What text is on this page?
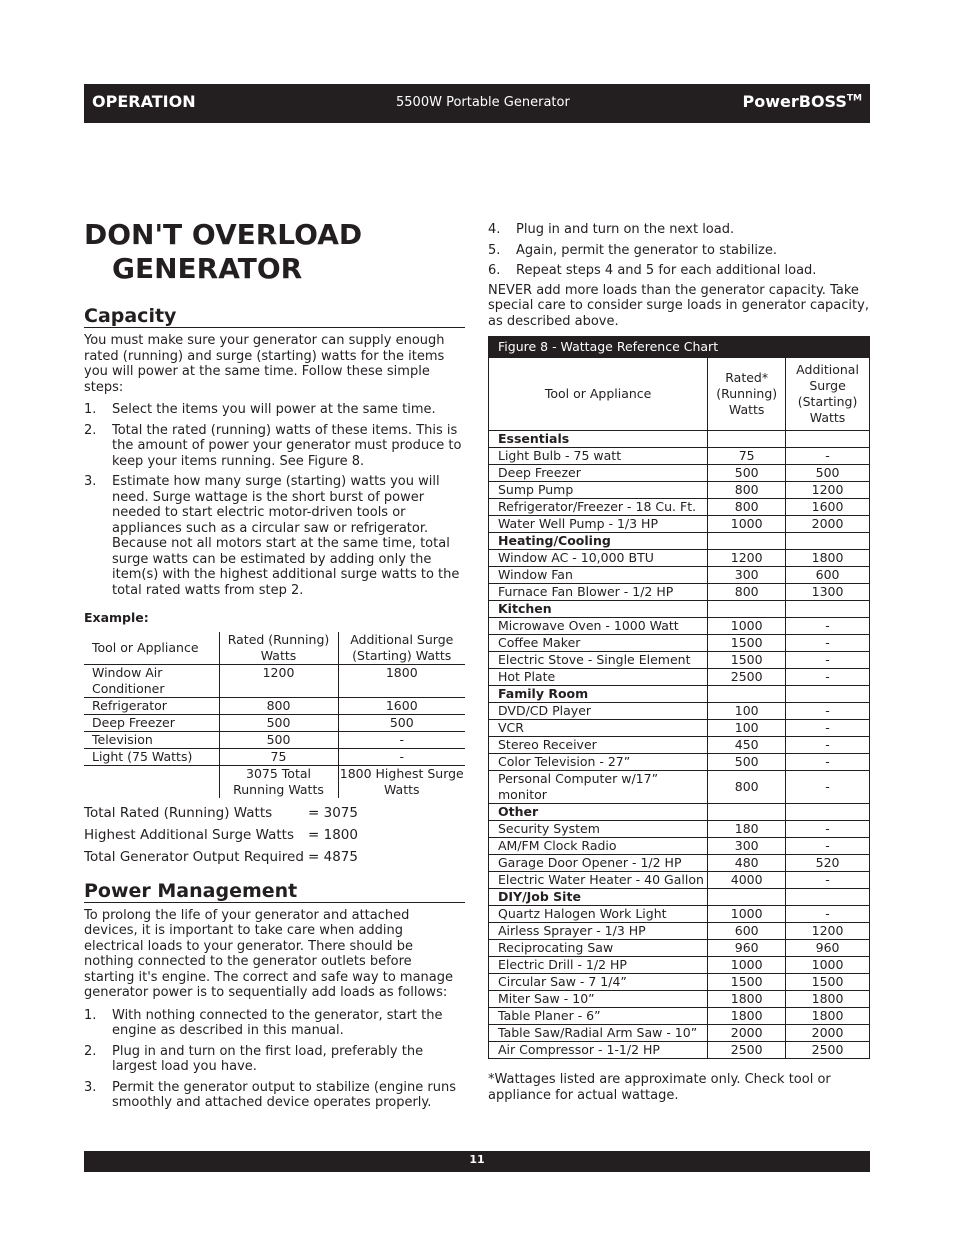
OPERATION	5500W Portable Generator	PowerBOSS™
DON'T OVERLOAD
GENERATOR
Capacity

You must make sure your generator can supply enough rated (running) and surge (starting) watts for the items you will power at the same time. Follow these simple steps:

1. Select the items you will power at the same time.
2. Total the rated (running) watts of these items. This is the amount of power your generator must produce to keep your items running. See Figure 8.
3. Estimate how many surge (starting) watts you will need. Surge wattage is the short burst of power needed to start electric motor-driven tools or appliances such as a circular saw or refrigerator. Because not all motors start at the same time, total surge watts can be estimated by adding only the item(s) with the highest additional surge watts to the total rated watts from step 2.
Example:
Tool or Appliance	Rated (Running) Watts	Additional Surge (Starting) Watts
Window Air Conditioner	1200	1800
Refrigerator	800	1600
Deep Freezer	500	500
Television	500	-
Light (75 Watts)	75	-
	3075 Total Running Watts	1800 Highest Surge Watts
Total Rated (Running) Watts	= 3075
Highest Additional Surge Watts = 1800
Total Generator Output Required = 4875
Power Management

To prolong the life of your generator and attached devices, it is important to take care when adding electrical loads to your generator. There should be nothing connected to the generator outlets before starting it's engine. The correct and safe way to manage generator power is to sequentially add loads as follows:

1. With nothing connected to the generator, start the engine as described in this manual.
2. Plug in and turn on the first load, preferably the largest load you have.
3. Permit the generator output to stabilize (engine runs smoothly and attached device operates properly.
4. Plug in and turn on the next load.
5. Again, permit the generator to stabilize.
6. Repeat steps 4 and 5 for each additional load.

NEVER add more loads than the generator capacity. Take special care to consider surge loads in generator capacity, as described above.

Figure 8 - Wattage Reference Chart		
Tool or Appliance	Rated* (Running) Watts	Additional Surge (Starting) Watts
Essentials		
Light Bulb - 75 watt	75	-
Deep Freezer	500	500
Sump Pump	800	1200
Refrigerator/Freezer - 18 Cu. Ft.	800	1600
Water Well Pump - 1/3 HP	1000	2000
Heating/Cooling		
Window AC - 10,000 BTU	1200	1800
Window Fan	300	600
Furnace Fan Blower - 1/2 HP	800	1300
Kitchen		
Microwave Oven - 1000 Watt	1000	-
Coffee Maker	1500	-
Electric Stove - Single Element	1500	-
Hot Plate	2500	-
Family Room		
DVD/CD Player	100	-
VCR	100	-
Stereo Receiver	450	-
Color Television - 27”	500	-
Personal Computer w/17” monitor	800	-
Other		
Security System	180	-
AM/FM Clock Radio	300	-
Garage Door Opener - 1/2 HP	480	520
Electric Water Heater - 40 Gallon	4000	-
DIY/Job Site		
Quartz Halogen Work Light	1000	-
Airless Sprayer - 1/3 HP	600	1200
Reciprocating Saw	960	960
Electric Drill - 1/2 HP	1000	1000
Circular Saw - 7 1/4”	1500	1500
Miter Saw - 10”	1800	1800
Table Planer - 6”	1800	1800
Table Saw/Radial Arm Saw - 10”	2000	2000
Air Compressor - 1-1/2 HP	2500	2500

*Wattages listed are approximate only. Check tool or appliance for actual wattage.

11
